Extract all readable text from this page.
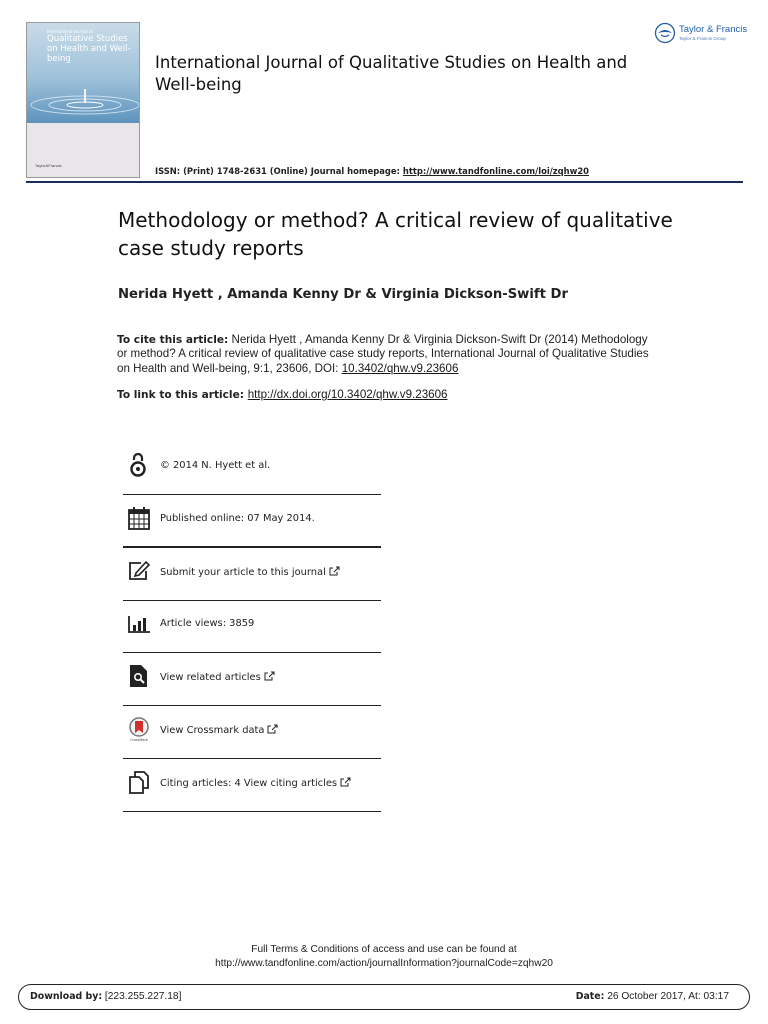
International Journal of
Qualitative Studies on Health and Well-being
Taylor&Francis
International Journal of Qualitative Studies on Health and Well-being
ISSN: (Print) 1748-2631 (Online) Journal homepage: http://www.tandfonline.com/loi/zqhw20
Taylor & Francis
Taylor & Francis Group
Methodology or method? A critical review of qualitative case study reports
Nerida Hyett , Amanda Kenny Dr & Virginia Dickson-Swift Dr
To cite this article: Nerida Hyett , Amanda Kenny Dr & Virginia Dickson-Swift Dr (2014) Methodology or method? A critical review of qualitative case study reports, International Journal of Qualitative Studies on Health and Well-being, 9:1, 23606, DOI: 10.3402/qhw.v9.23606
To link to this article: http://dx.doi.org/10.3402/qhw.v9.23606
© 2014 N. Hyett et al.
Published online: 07 May 2014.
Submit your article to this journal
Article views: 3859
View related articles
CrossMark
View Crossmark data
Citing articles: 4 View citing articles
Full Terms & Conditions of access and use can be found at
http://www.tandfonline.com/action/journalInformation?journalCode=zqhw20
Download by: [223.255.227.18]	Date: 26 October 2017, At: 03:17
